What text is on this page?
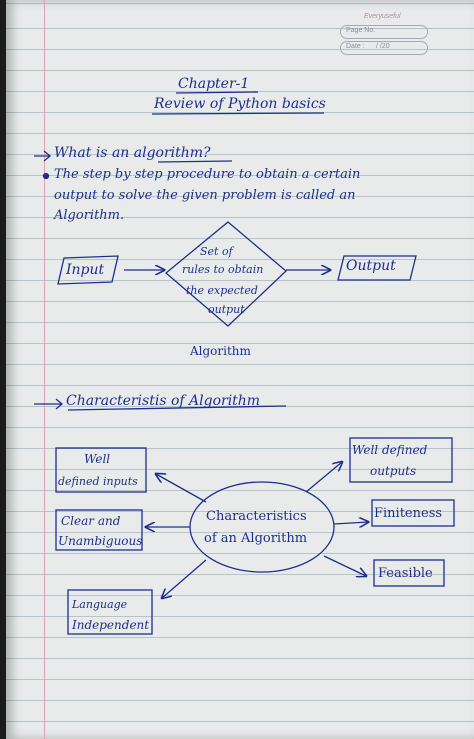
Everyuseful
Page No.
Date : / /20
Chapter-1
Review of Python basics
What is an algorithm?
The step by step procedure to obtain a certain
output to solve the given problem is called an
Algorithm.
Input
Set of
rules to obtain
the expected
output
Output
Algorithm
Characteristis of Algorithm
Characteristics
of an Algorithm
Well
defined inputs
Clear and
Unambiguous
Language
Independent
Well defined
outputs
Finiteness
Feasible
